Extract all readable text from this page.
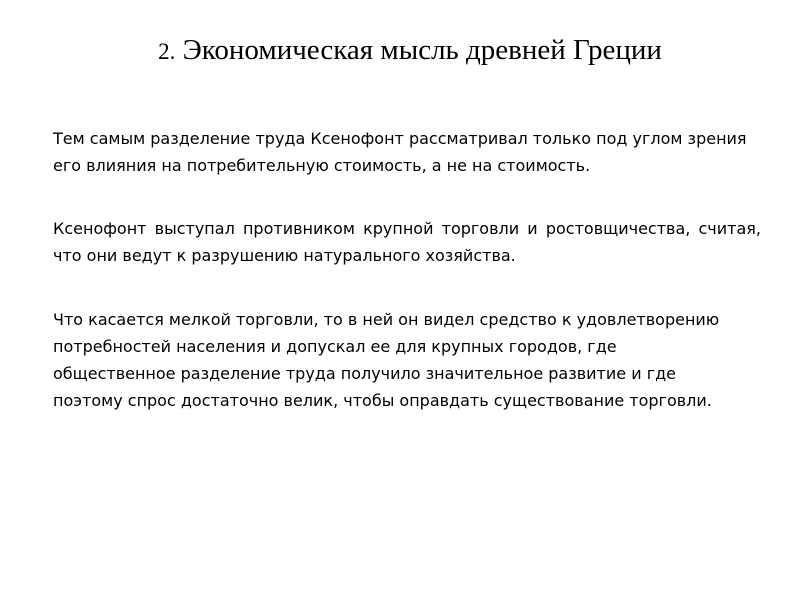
2. Экономическая мысль древней Греции

Тем самым разделение труда Ксенофонт рассматривал только под углом зрения его влияния на потребительную стоимость, а не на стоимость.

Ксенофонт выступал противником крупной торговли и ростовщичества, считая, что они ведут к разрушению натурального хозяйства.

Что касается мелкой торговли, то в ней он видел средство к удовлетворению потребностей населения и допускал ее для крупных городов, где общественное разделение труда получило значительное развитие и где поэтому спрос достаточно велик, чтобы оправдать существование торговли.
